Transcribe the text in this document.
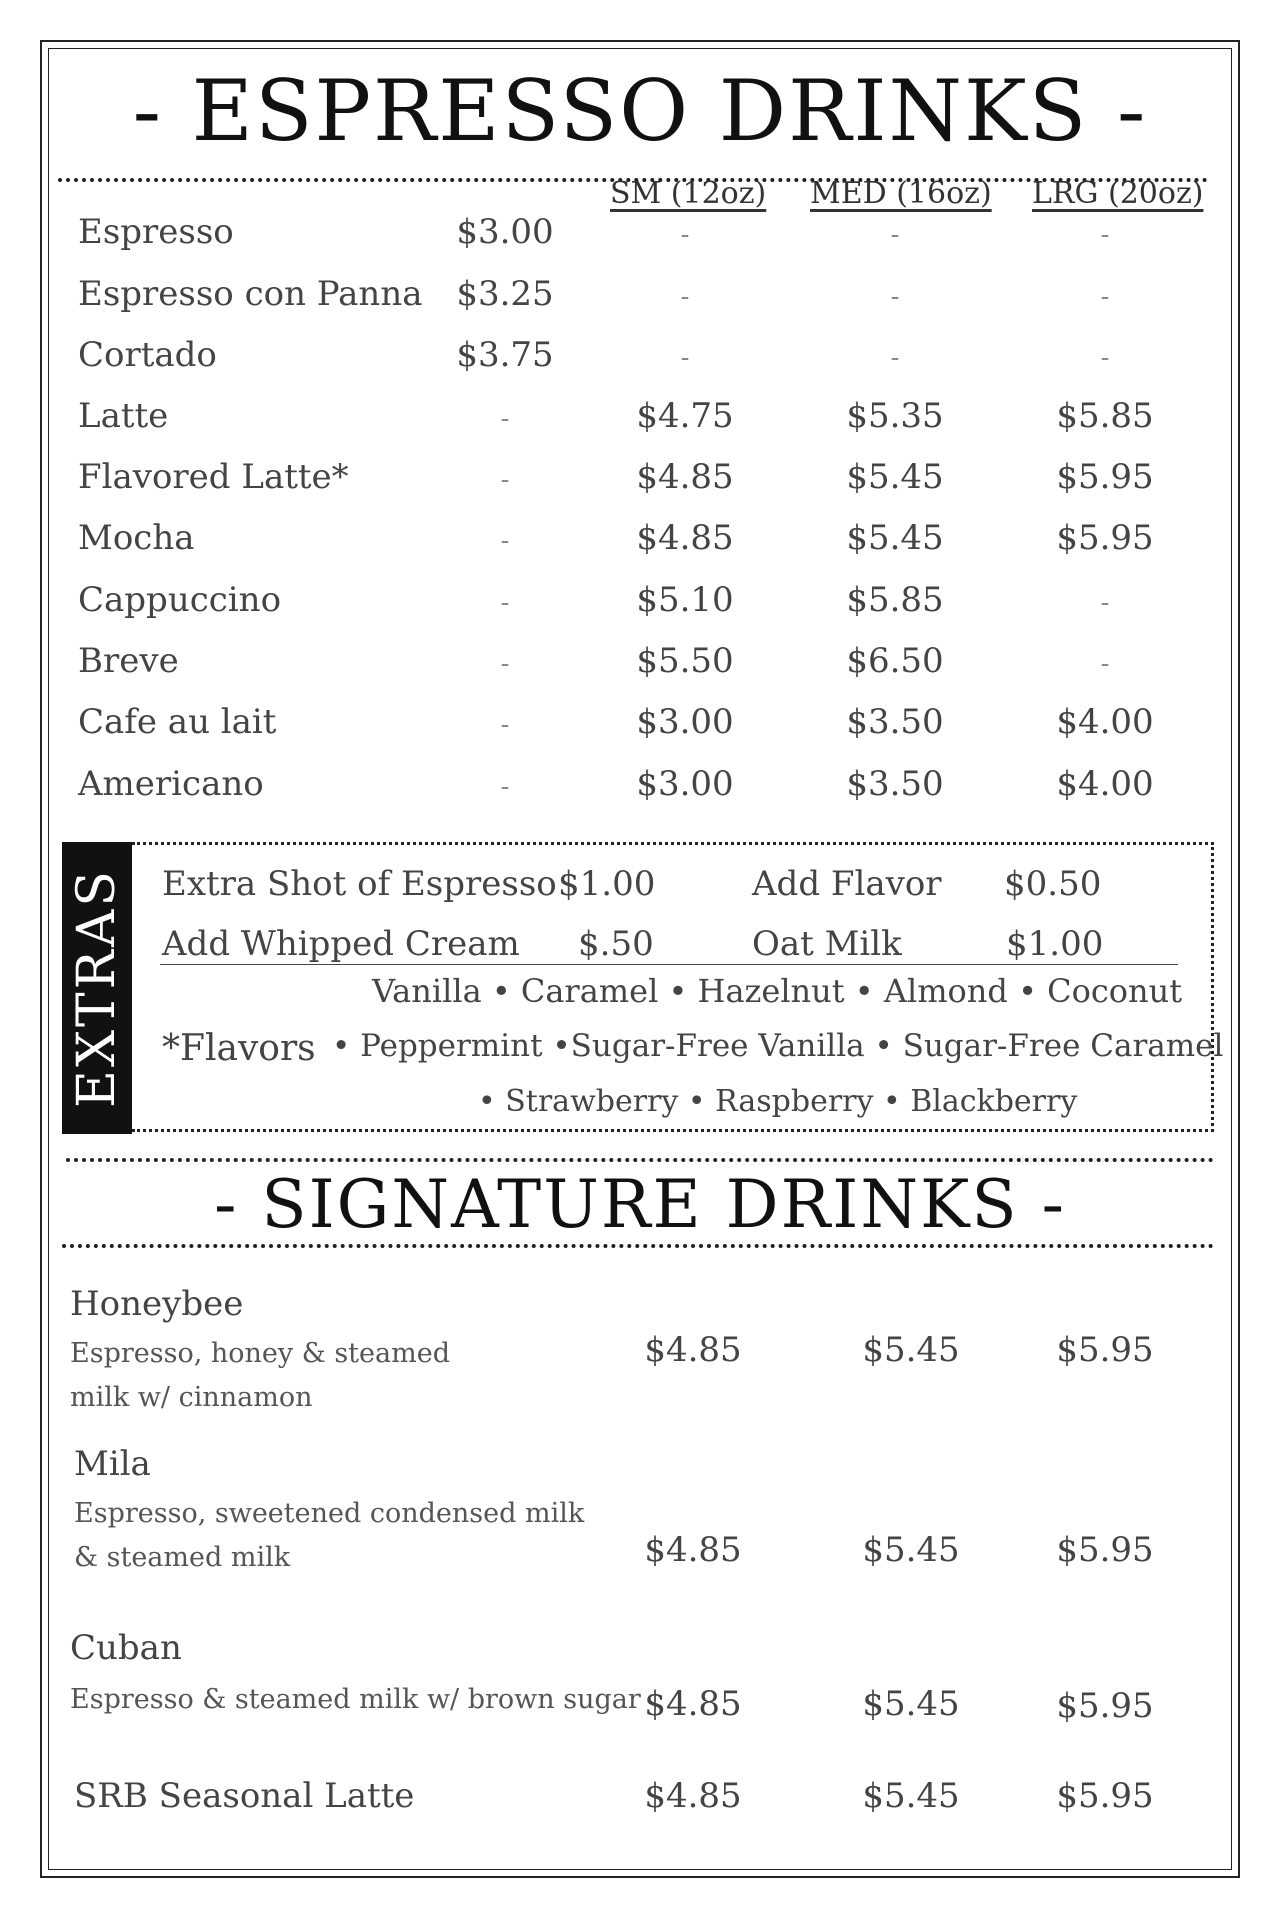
- ESPRESSO DRINKS -
SM (12oz) MED (16oz) LRG (20oz)
Espresso	$3.00	-	-	-
Espresso con Panna $3.25	-	-	-
Cortado	$3.75	-	-	-
Latte	-	$4.75	$5.35	$5.85
Flavored Latte*	-	$4.85	$5.45	$5.95
Mocha	-	$4.85	$5.45	$5.95
Cappuccino	-	$5.10	$5.85	-
Breve	-	$5.50	$6.50	-
Cafe au lait	-	$3.00	$3.50	$4.00
Americano	-	$3.00	$3.50	$4.00
EXTRAS Extra Shot of Espresso $1.00	Add Flavor $0.50
Add Whipped Cream $.50	Oat Milk	$1.00
Vanilla • Caramel • Hazelnut • Almond • Coconut
*Flavors • Peppermint •Sugar-Free Vanilla • Sugar-Free Caramel
• Strawberry • Raspberry • Blackberry
- SIGNATURE DRINKS -
Honeybee
Espresso, honey & steamed
milk w/ cinnamon
$4.85	$5.45	$5.95
Mila
Espresso, sweetened condensed milk
& steamed milk	$4.85	$5.45	$5.95
Cuban
Espresso & steamed milk w/ brown sugar $4.85	$5.45	$5.95
SRB Seasonal Latte	$4.85	$5.45	$5.95
